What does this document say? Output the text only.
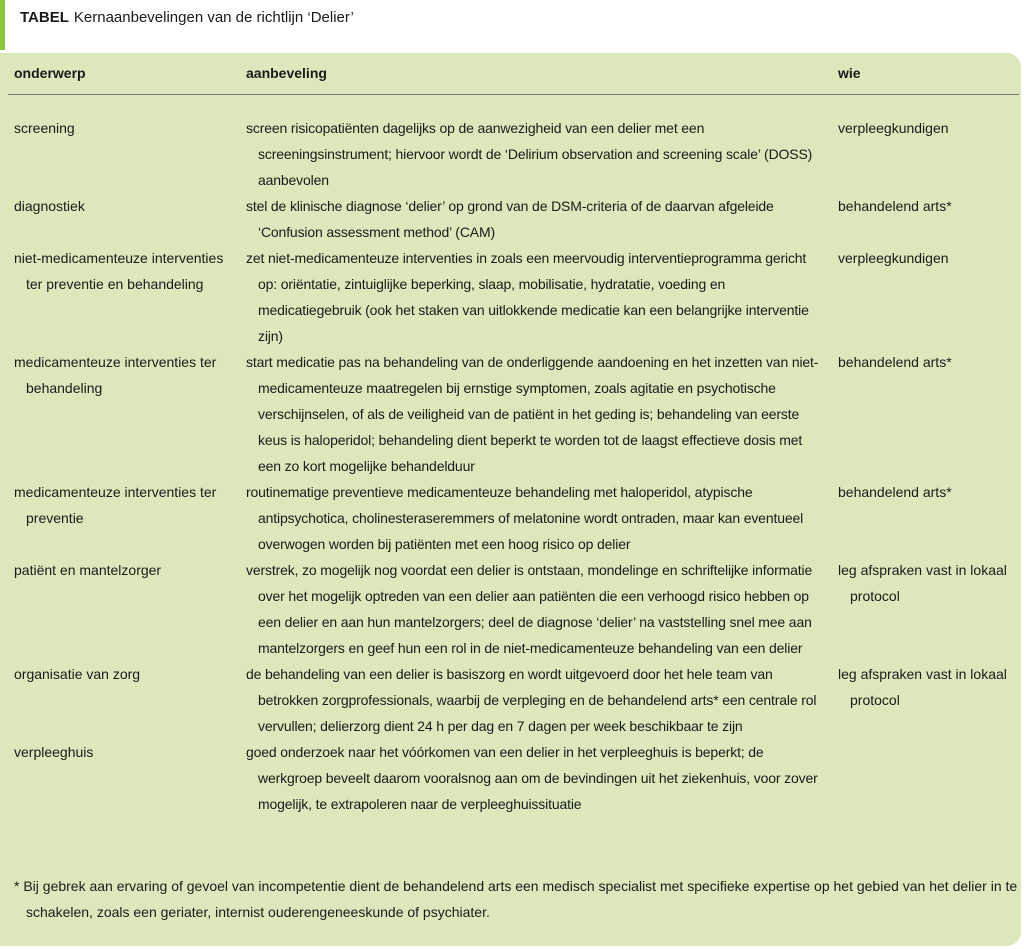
TABEL Kernaanbevelingen van de richtlijn ‘Delier’
onderwerp	aanbeveling	wie

screening	screen risicopatiënten dagelijks op de aanwezigheid van een delier met een screeningsinstrument; hiervoor wordt de ‘Delirium observation and screening scale’ (DOSS) aanbevolen	verpleegkundigen

diagnostiek	stel de klinische diagnose ‘delier’ op grond van de DSM-criteria of de daarvan afgeleide ‘Confusion assessment method’ (CAM)	behandelend arts*

niet-medicamenteuze interventies ter preventie en behandeling	zet niet-medicamenteuze interventies in zoals een meervoudig interventieprogramma gericht op: oriëntatie, zintuiglijke beperking, slaap, mobilisatie, hydratatie, voeding en medicatiegebruik (ook het staken van uitlokkende medicatie kan een belangrijke interventie zijn)	verpleegkundigen

medicamenteuze interventies ter behandeling	start medicatie pas na behandeling van de onderliggende aandoening en het inzetten van niet-medicamenteuze maatregelen bij ernstige symptomen, zoals agitatie en psychotische verschijnselen, of als de veiligheid van de patiënt in het geding is; behandeling van eerste keus is haloperidol; behandeling dient beperkt te worden tot de laagst effectieve dosis met een zo kort mogelijke behandelduur	behandelend arts*

medicamenteuze interventies ter preventie	routinematige preventieve medicamenteuze behandeling met haloperidol, atypische antipsychotica, cholinesteraseremmers of melatonine wordt ontraden, maar kan eventueel overwogen worden bij patiënten met een hoog risico op delier	behandelend arts*

patiënt en mantelzorger	verstrek, zo mogelijk nog voordat een delier is ontstaan, mondelinge en schriftelijke informatie over het mogelijk optreden van een delier aan patiënten die een verhoogd risico hebben op een delier en aan hun mantelzorgers; deel de diagnose ‘delier’ na vaststelling snel mee aan mantelzorgers en geef hun een rol in de niet-medicamenteuze behandeling van een delier	leg afspraken vast in lokaal protocol

organisatie van zorg	de behandeling van een delier is basiszorg en wordt uitgevoerd door het hele team van betrokken zorgprofessionals, waarbij de verpleging en de behandelend arts* een centrale rol vervullen; delierzorg dient 24 h per dag en 7 dagen per week beschikbaar te zijn	leg afspraken vast in lokaal protocol

verpleeghuis	goed onderzoek naar het vóórkomen van een delier in het verpleeghuis is beperkt; de werkgroep beveelt daarom vooralsnog aan om de bevindingen uit het ziekenhuis, voor zover mogelijk, te extrapoleren naar de verpleeghuissituatie	

* Bij gebrek aan ervaring of gevoel van incompetentie dient de behandelend arts een medisch specialist met specifieke expertise op het gebied van het delier in te schakelen, zoals een geriater, internist ouderengeneeskunde of psychiater.
